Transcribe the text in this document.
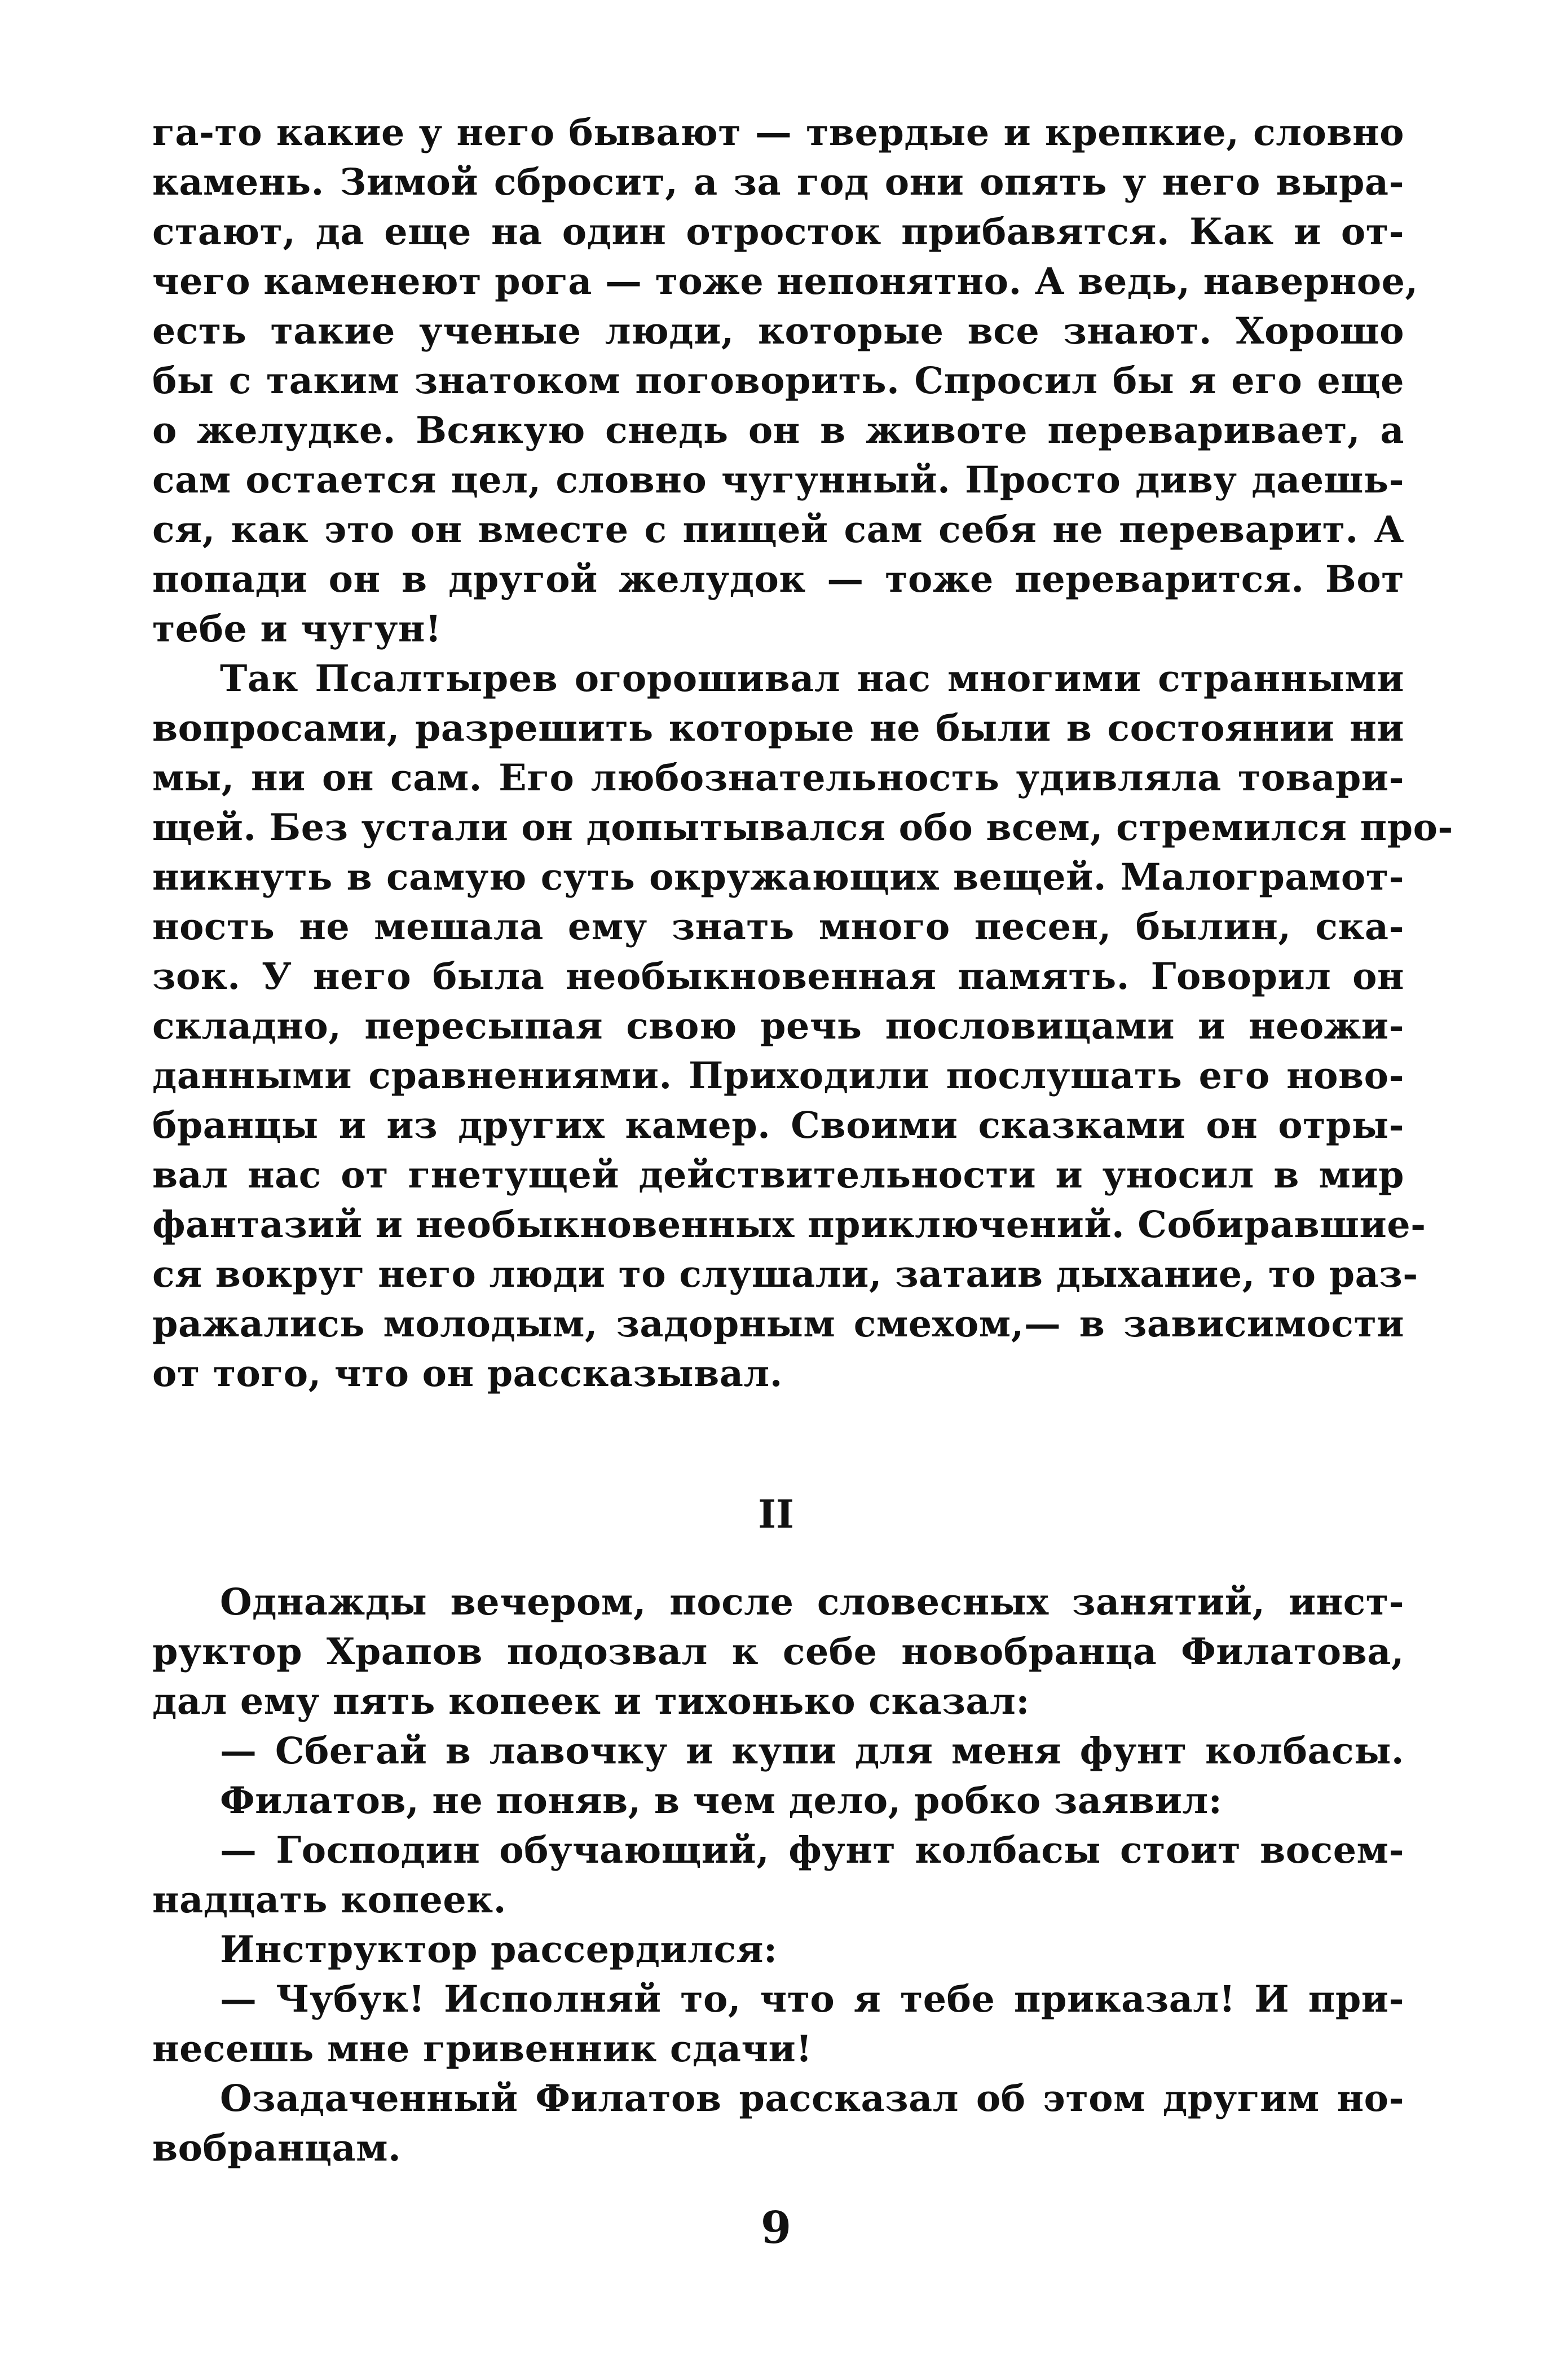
га-то какие у него бывают — твердые и крепкие, словно
камень. Зимой сбросит, а за год они опять у него выра-
стают, да еще на один отросток прибавятся. Как и от-
чего каменеют рога — тоже непонятно. А ведь, наверное,
есть такие ученые люди, которые все знают. Хорошо
бы с таким знатоком поговорить. Спросил бы я его еще
о желудке. Всякую снедь он в животе переваривает, а
сам остается цел, словно чугунный. Просто диву даешь-
ся, как это он вместе с пищей сам себя не переварит. А
попади он в другой желудок — тоже переварится. Вот
тебе и чугун!
Так Псалтырев огорошивал нас многими странными
вопросами, разрешить которые не были в состоянии ни
мы, ни он сам. Его любознательность удивляла товари-
щей. Без устали он допытывался обо всем, стремился про-
никнуть в самую суть окружающих вещей. Малограмот-
ность не мешала ему знать много песен, былин, ска-
зок. У него была необыкновенная память. Говорил он
складно, пересыпая свою речь пословицами и неожи-
данными сравнениями. Приходили послушать его ново-
бранцы и из других камер. Своими сказками он отры-
вал нас от гнетущей действительности и уносил в мир
фантазий и необыкновенных приключений. Собиравшие-
ся вокруг него люди то слушали, затаив дыхание, то раз-
ражались молодым, задорным смехом,— в зависимости
от того, что он рассказывал.
II
Однажды вечером, после словесных занятий, инст-
руктор Храпов подозвал к себе новобранца Филатова,
дал ему пять копеек и тихонько сказал:
— Сбегай в лавочку и купи для меня фунт колбасы.
Филатов, не поняв, в чем дело, робко заявил:
— Господин обучающий, фунт колбасы стоит восем-
надцать копеек.
Инструктор рассердился:
— Чубук! Исполняй то, что я тебе приказал! И при-
несешь мне гривенник сдачи!
Озадаченный Филатов рассказал об этом другим но-
вобранцам.
9
